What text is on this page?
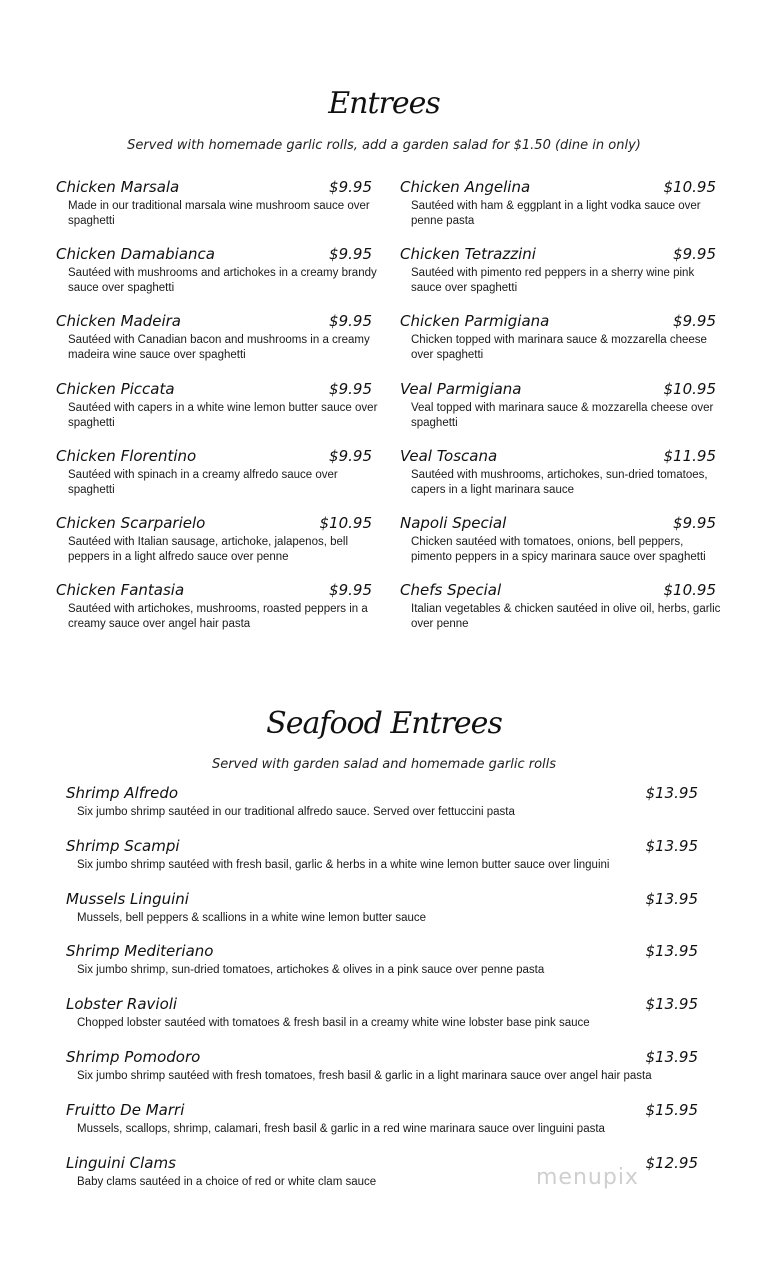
Entrees
Served with homemade garlic rolls, add a garden salad for $1.50 (dine in only)
Chicken Marsala	$9.95
Made in our traditional marsala wine mushroom sauce over spaghetti
Chicken Damabianca	$9.95
Sautéed with mushrooms and artichokes in a creamy brandy sauce over spaghetti
Chicken Madeira	$9.95
Sautéed with Canadian bacon and mushrooms in a creamy madeira wine sauce over spaghetti
Chicken Piccata	$9.95
Sautéed with capers in a white wine lemon butter sauce over spaghetti
Chicken Florentino	$9.95
Sautéed with spinach in a creamy alfredo sauce over spaghetti
Chicken Scarparielo	$10.95
Sautéed with Italian sausage, artichoke, jalapenos, bell peppers in a light alfredo sauce over penne
Chicken Fantasia	$9.95
Sautéed with artichokes, mushrooms, roasted peppers in a creamy sauce over angel hair pasta
Chicken Angelina	$10.95
Sautéed with ham & eggplant in a light vodka sauce over penne pasta
Chicken Tetrazzini	$9.95
Sautéed with pimento red peppers in a sherry wine pink sauce over spaghetti
Chicken Parmigiana	$9.95
Chicken topped with marinara sauce & mozzarella cheese over spaghetti
Veal Parmigiana	$10.95
Veal topped with marinara sauce & mozzarella cheese over spaghetti
Veal Toscana	$11.95
Sautéed with mushrooms, artichokes, sun-dried tomatoes, capers in a light marinara sauce
Napoli Special	$9.95
Chicken sautéed with tomatoes, onions, bell peppers, pimento peppers in a spicy marinara sauce over spaghetti
Chefs Special	$10.95
Italian vegetables & chicken sautéed in olive oil, herbs, garlic over penne
Seafood Entrees
Served with garden salad and homemade garlic rolls
Shrimp Alfredo	$13.95
Six jumbo shrimp sautéed in our traditional alfredo sauce. Served over fettuccini pasta
Shrimp Scampi	$13.95
Six jumbo shrimp sautéed with fresh basil, garlic & herbs in a white wine lemon butter sauce over linguini
Mussels Linguini	$13.95
Mussels, bell peppers & scallions in a white wine lemon butter sauce
Shrimp Mediteriano	$13.95
Six jumbo shrimp, sun-dried tomatoes, artichokes & olives in a pink sauce over penne pasta
Lobster Ravioli	$13.95
Chopped lobster sautéed with tomatoes & fresh basil in a creamy white wine lobster base pink sauce
Shrimp Pomodoro	$13.95
Six jumbo shrimp sautéed with fresh tomatoes, fresh basil & garlic in a light marinara sauce over angel hair pasta
Fruitto De Marri	$15.95
Mussels, scallops, shrimp, calamari, fresh basil & garlic in a red wine marinara sauce over linguini pasta
Linguini Clams	$12.95
Baby clams sautéed in a choice of red or white clam sauce	menupix
